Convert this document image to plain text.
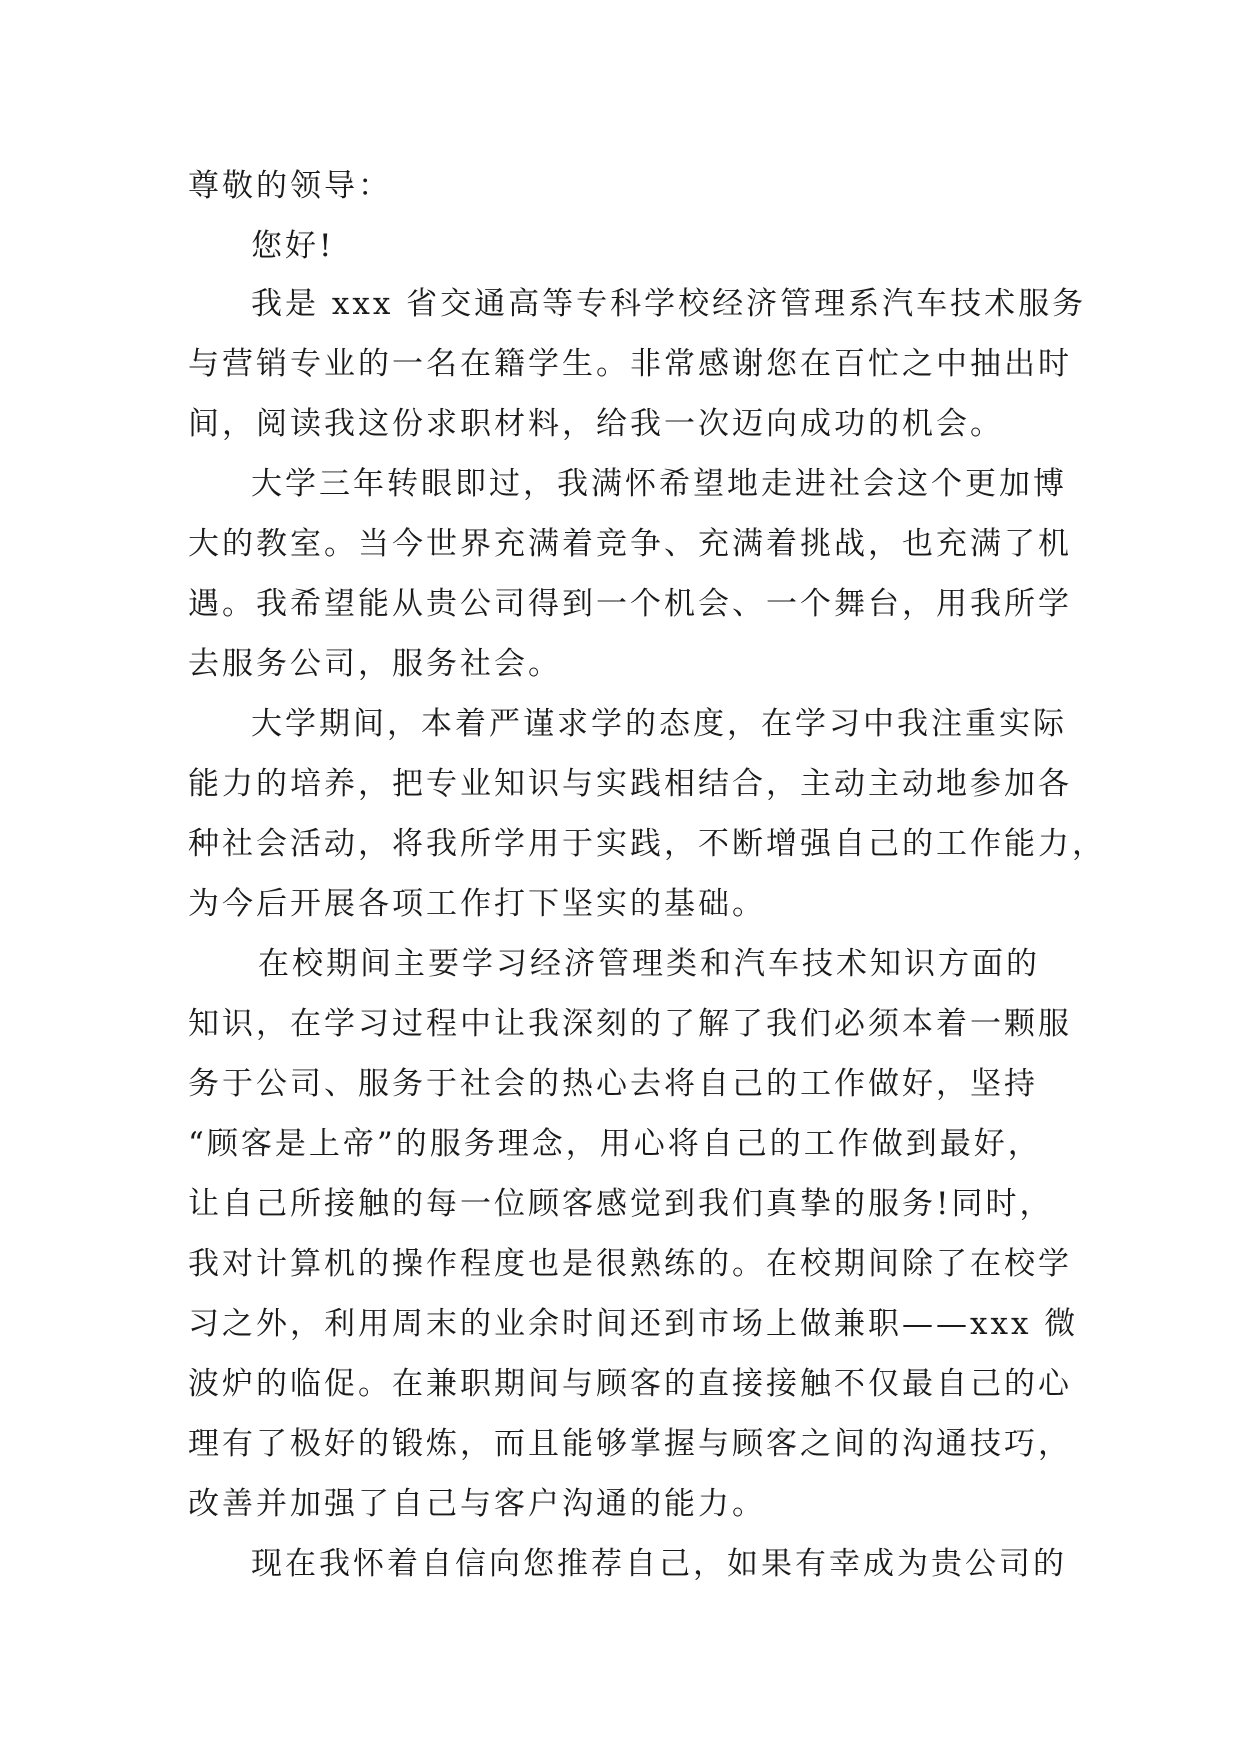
尊敬的领导：
您好!
我是 xxx 省交通高等专科学校经济管理系汽车技术服务
与营销专业的一名在籍学生。非常感谢您在百忙之中抽出时
间，阅读我这份求职材料，给我一次迈向成功的机会。
大学三年转眼即过，我满怀希望地走进社会这个更加博
大的教室。当今世界充满着竞争、充满着挑战，也充满了机
遇。我希望能从贵公司得到一个机会、一个舞台，用我所学
去服务公司，服务社会。
大学期间，本着严谨求学的态度，在学习中我注重实际
能力的培养，把专业知识与实践相结合，主动主动地参加各
种社会活动，将我所学用于实践，不断增强自己的工作能力，
为今后开展各项工作打下坚实的基础。
在校期间主要学习经济管理类和汽车技术知识方面的
知识，在学习过程中让我深刻的了解了我们必须本着一颗服
务于公司、服务于社会的热心去将自己的工作做好，坚持
“顾客是上帝”的服务理念，用心将自己的工作做到最好，
让自己所接触的每一位顾客感觉到我们真挚的服务!同时，
我对计算机的操作程度也是很熟练的。在校期间除了在校学
习之外，利用周末的业余时间还到市场上做兼职——xxx 微
波炉的临促。在兼职期间与顾客的直接接触不仅最自己的心
理有了极好的锻炼，而且能够掌握与顾客之间的沟通技巧，
改善并加强了自己与客户沟通的能力。
现在我怀着自信向您推荐自己，如果有幸成为贵公司的
